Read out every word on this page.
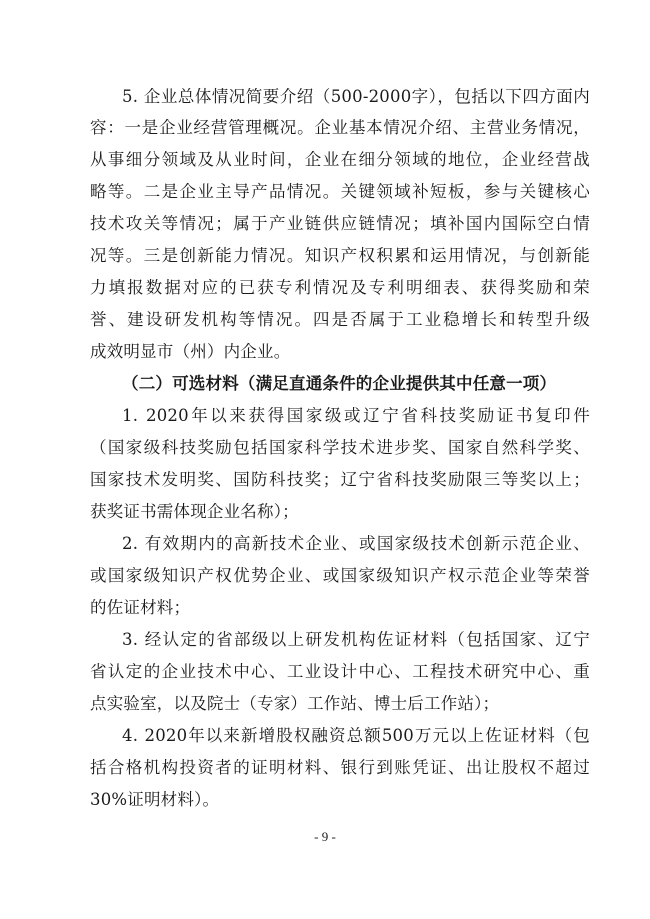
5. 企业总体情况简要介绍（500-2000字），包括以下四方面内
容：一是企业经营管理概况。企业基本情况介绍、主营业务情况，
从事细分领域及从业时间，企业在细分领域的地位，企业经营战
略等。二是企业主导产品情况。关键领域补短板，参与关键核心
技术攻关等情况；属于产业链供应链情况；填补国内国际空白情
况等。三是创新能力情况。知识产权积累和运用情况，与创新能
力填报数据对应的已获专利情况及专利明细表、获得奖励和荣
誉、建设研发机构等情况。四是否属于工业稳增长和转型升级
成效明显市（州）内企业。
（二）可选材料（满足直通条件的企业提供其中任意一项）
1. 2020年以来获得国家级或辽宁省科技奖励证书复印件
（国家级科技奖励包括国家科学技术进步奖、国家自然科学奖、
国家技术发明奖、国防科技奖；辽宁省科技奖励限三等奖以上；
获奖证书需体现企业名称）；
2. 有效期内的高新技术企业、或国家级技术创新示范企业、
或国家级知识产权优势企业、或国家级知识产权示范企业等荣誉
的佐证材料；
3. 经认定的省部级以上研发机构佐证材料（包括国家、辽宁
省认定的企业技术中心、工业设计中心、工程技术研究中心、重
点实验室，以及院士（专家）工作站、博士后工作站）；
4. 2020年以来新增股权融资总额500万元以上佐证材料（包
括合格机构投资者的证明材料、银行到账凭证、出让股权不超过
30%证明材料）。
- 9 -
